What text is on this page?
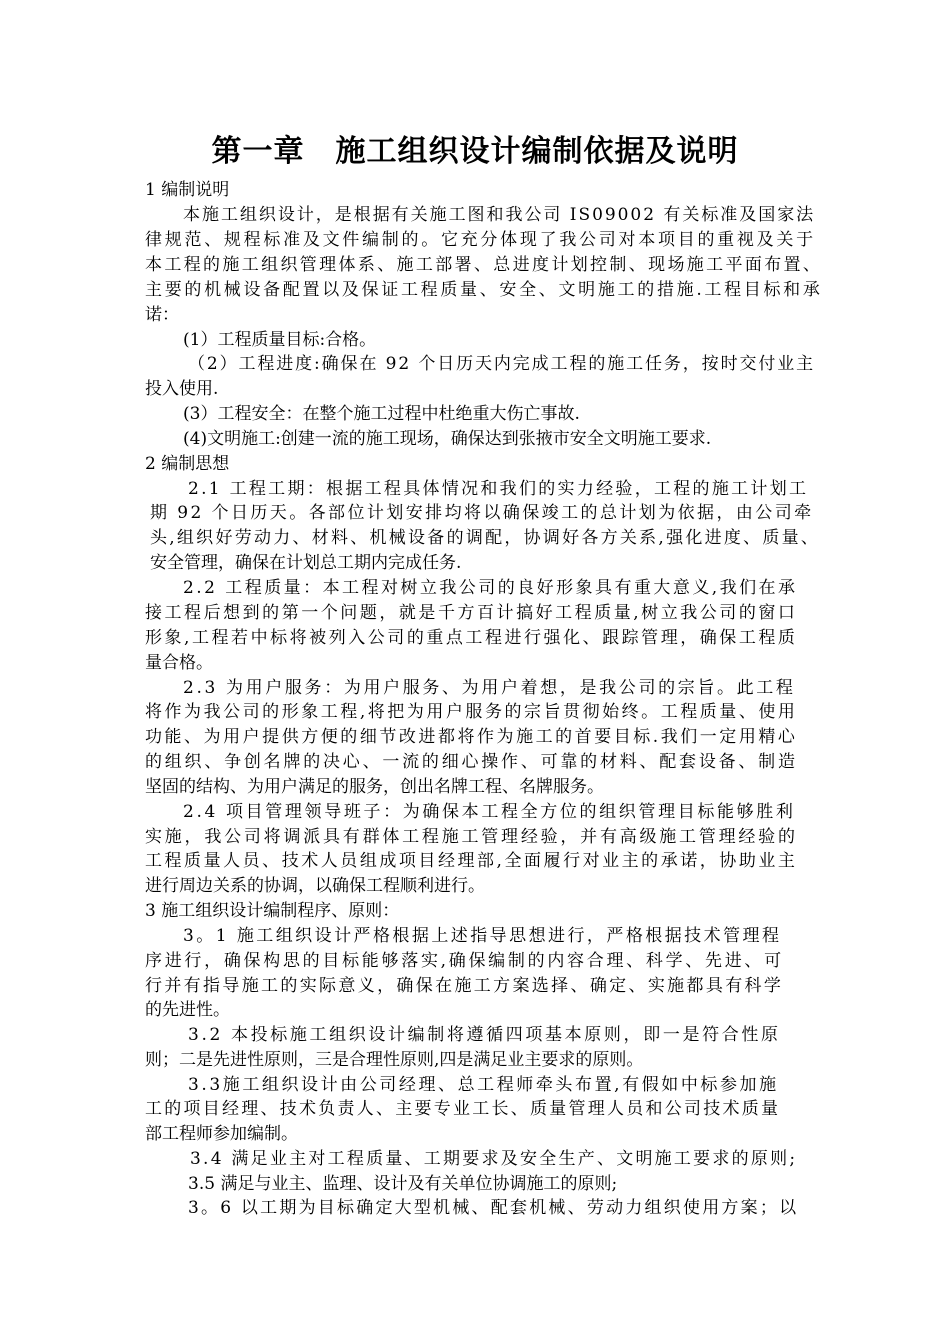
第一章　施工组织设计编制依据及说明
1 编制说明
本施工组织设计，是根据有关施工图和我公司 IS09002 有关标准及国家法
律规范、规程标准及文件编制的。它充分体现了我公司对本项目的重视及关于
本工程的施工组织管理体系、施工部署、总进度计划控制、现场施工平面布置、
主要的机械设备配置以及保证工程质量、安全、文明施工的措施.工程目标和承
诺：
(1）工程质量目标:合格。
（2）工程进度:确保在 92 个日历天内完成工程的施工任务，按时交付业主
投入使用.
(3）工程安全：在整个施工过程中杜绝重大伤亡事故.
(4)文明施工:创建一流的施工现场，确保达到张掖市安全文明施工要求.
2 编制思想
2.1 工程工期：根据工程具体情况和我们的实力经验，工程的施工计划工
期 92 个日历天。各部位计划安排均将以确保竣工的总计划为依据，由公司牵
头,组织好劳动力、材料、机械设备的调配，协调好各方关系,强化进度、质量、
安全管理，确保在计划总工期内完成任务.
2.2 工程质量：本工程对树立我公司的良好形象具有重大意义,我们在承
接工程后想到的第一个问题，就是千方百计搞好工程质量,树立我公司的窗口
形象,工程若中标将被列入公司的重点工程进行强化、跟踪管理，确保工程质
量合格。
2.3 为用户服务：为用户服务、为用户着想，是我公司的宗旨。此工程
将作为我公司的形象工程,将把为用户服务的宗旨贯彻始终。工程质量、使用
功能、为用户提供方便的细节改进都将作为施工的首要目标.我们一定用精心
的组织、争创名牌的决心、一流的细心操作、可靠的材料、配套设备、制造
坚固的结构、为用户满足的服务，创出名牌工程、名牌服务。
2.4 项目管理领导班子：为确保本工程全方位的组织管理目标能够胜利
实施，我公司将调派具有群体工程施工管理经验，并有高级施工管理经验的
工程质量人员、技术人员组成项目经理部,全面履行对业主的承诺，协助业主
进行周边关系的协调，以确保工程顺利进行。
3 施工组织设计编制程序、原则：
3。1 施工组织设计严格根据上述指导思想进行，严格根据技术管理程
序进行，确保构思的目标能够落实,确保编制的内容合理、科学、先进、可
行并有指导施工的实际意义，确保在施工方案选择、确定、实施都具有科学
的先进性。
3.2 本投标施工组织设计编制将遵循四项基本原则，即一是符合性原
则；二是先进性原则，三是合理性原则,四是满足业主要求的原则。
3.3施工组织设计由公司经理、总工程师牵头布置,有假如中标参加施
工的项目经理、技术负责人、主要专业工长、质量管理人员和公司技术质量
部工程师参加编制。
3.4 满足业主对工程质量、工期要求及安全生产、文明施工要求的原则;
3.5 满足与业主、监理、设计及有关单位协调施工的原则;
3。6 以工期为目标确定大型机械、配套机械、劳动力组织使用方案；以
